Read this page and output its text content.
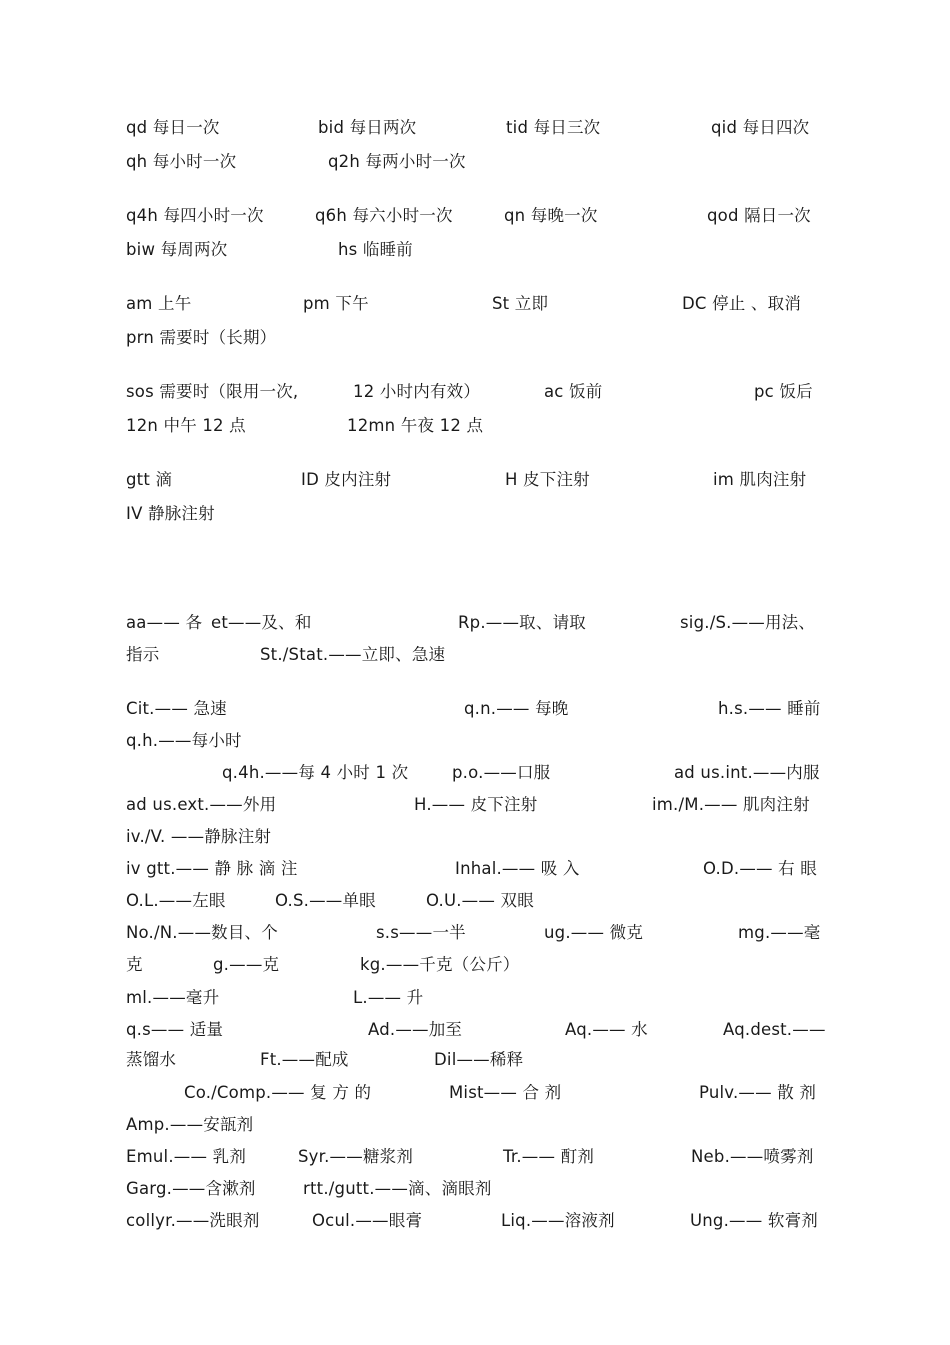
qd 每日一次	bid 每日两次	tid 每日三次	qid 每日四次
qh 每小时一次	q2h 每两小时一次
q4h 每四小时一次	q6h 每六小时一次	qn 每晚一次	qod 隔日一次
biw 每周两次	hs 临睡前
am 上午	pm 下午	St 立即	DC 停止 、取消
prn 需要时（长期）
sos 需要时（限用一次,	12 小时内有效）	ac 饭前	pc 饭后
12n 中午 12 点	12mn 午夜 12 点
gtt 滴	ID 皮内注射	H 皮下注射	im 肌肉注射
IV 静脉注射
aa—— 各 et——及、和	Rp.——取、请取	sig./S.——用法、
指示	St./Stat.——立即、急速
Cit.—— 急速	q.n.—— 每晚	h.s.—— 睡前
q.h.——每小时
q.4h.——每 4 小时 1 次	p.o.——口服	ad us.int.——内服
ad us.ext.——外用	H.—— 皮下注射	im./M.—— 肌肉注射
iv./V. ——静脉注射
iv gtt.—— 静 脉 滴 注	Inhal.—— 吸 入	O.D.—— 右 眼
O.L.——左眼	O.S.——单眼	O.U.—— 双眼
No./N.——数目、个	s.s——一半	ug.—— 微克	mg.——毫
克	g.——克	kg.——千克（公斤）
ml.——毫升	L.—— 升
q.s—— 适量	Ad.——加至	Aq.—— 水	Aq.dest.——
蒸馏水	Ft.——配成	Dil——稀释
Co./Comp.—— 复 方 的	Mist—— 合 剂	Pulv.—— 散 剂
Amp.——安瓿剂
Emul.—— 乳剂	Syr.——糖浆剂	Tr.—— 酊剂	Neb.——喷雾剂
Garg.——含漱剂	rtt./gutt.——滴、滴眼剂
collyr.——洗眼剂	Ocul.——眼膏	Liq.——溶液剂	Ung.—— 软膏剂
